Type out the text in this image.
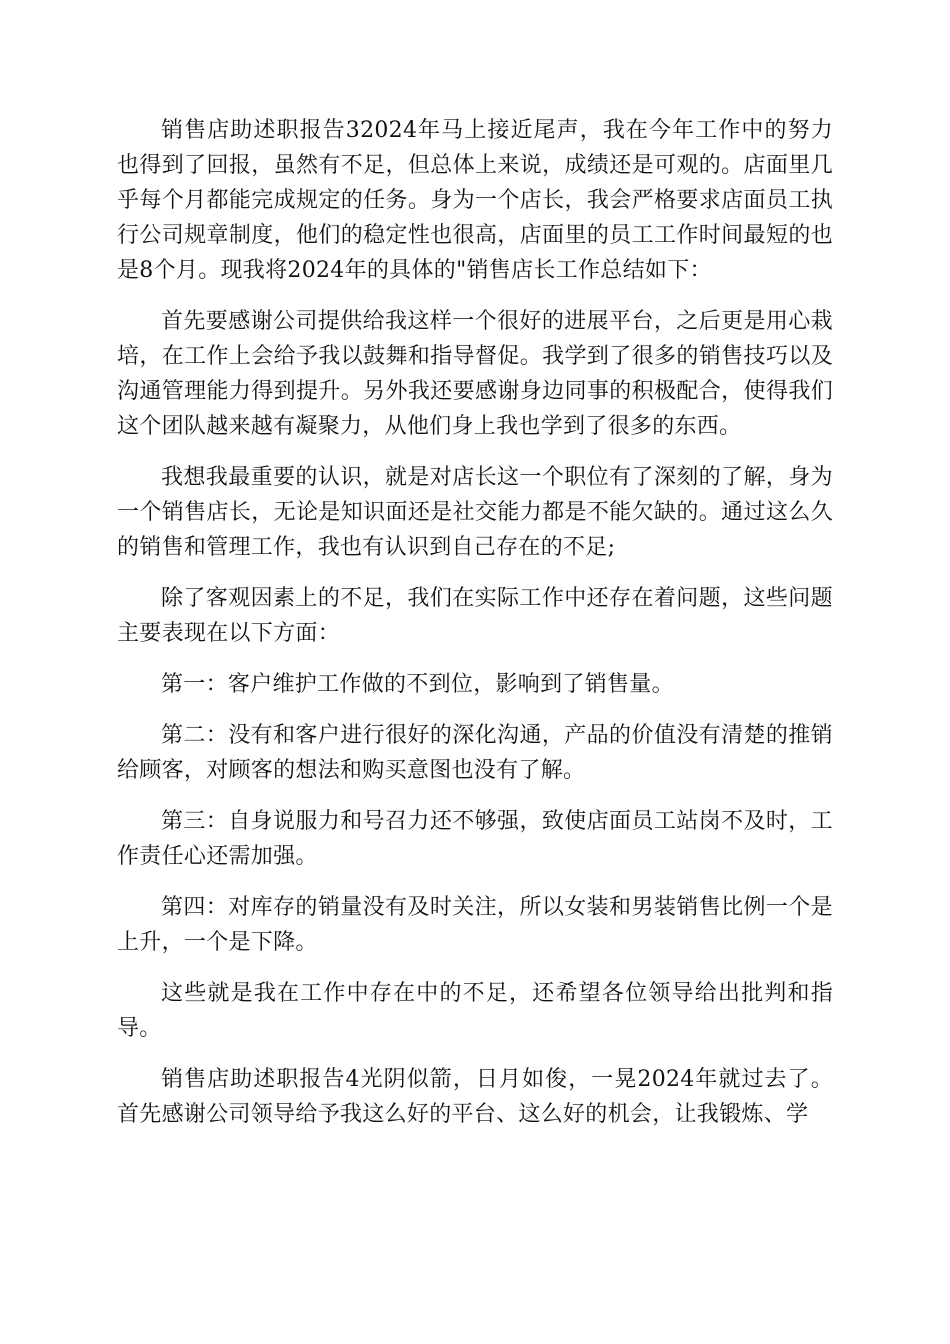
销售店助述职报告32024年马上接近尾声，我在今年工作中的努力也得到了回报，虽然有不足，但总体上来说，成绩还是可观的。店面里几乎每个月都能完成规定的任务。身为一个店长，我会严格要求店面员工执行公司规章制度，他们的稳定性也很高，店面里的员工工作时间最短的也是8个月。现我将2024年的具体的"销售店长工作总结如下：

首先要感谢公司提供给我这样一个很好的进展平台，之后更是用心栽培，在工作上会给予我以鼓舞和指导督促。我学到了很多的销售技巧以及沟通管理能力得到提升。另外我还要感谢身边同事的积极配合，使得我们这个团队越来越有凝聚力，从他们身上我也学到了很多的东西。

我想我最重要的认识，就是对店长这一个职位有了深刻的了解，身为一个销售店长，无论是知识面还是社交能力都是不能欠缺的。通过这么久的销售和管理工作，我也有认识到自己存在的不足;

除了客观因素上的不足，我们在实际工作中还存在着问题，这些问题主要表现在以下方面：

第一：客户维护工作做的不到位，影响到了销售量。

第二：没有和客户进行很好的深化沟通，产品的价值没有清楚的推销给顾客，对顾客的想法和购买意图也没有了解。

第三：自身说服力和号召力还不够强，致使店面员工站岗不及时，工作责任心还需加强。

第四：对库存的销量没有及时关注，所以女装和男装销售比例一个是上升，一个是下降。

这些就是我在工作中存在中的不足，还希望各位领导给出批判和指导。

销售店助述职报告4光阴似箭，日月如俊，一晃2024年就过去了。首先感谢公司领导给予我这么好的平台、这么好的机会，让我锻炼、学
